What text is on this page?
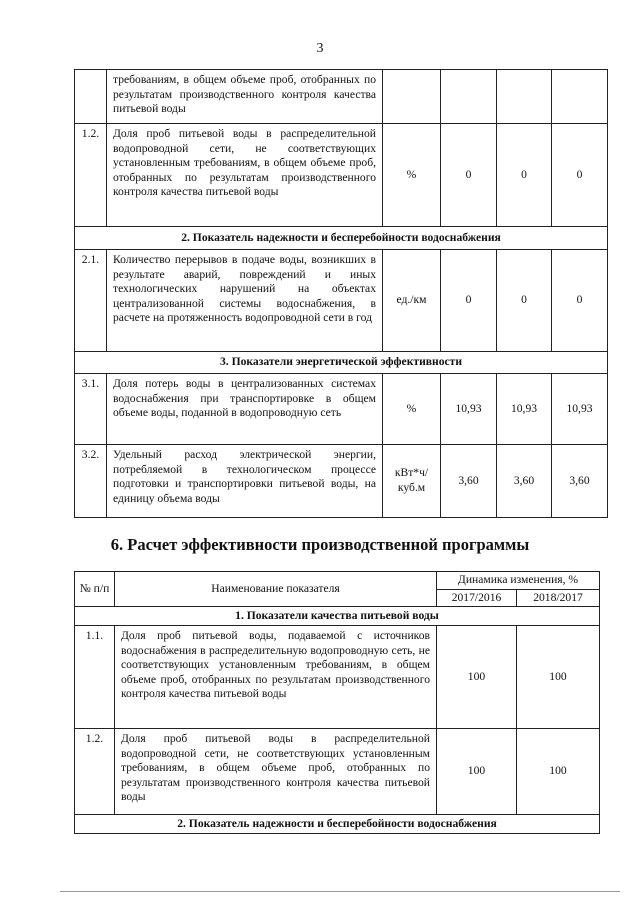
3
	требованиям, в общем объеме проб, отобранных по результатам производственного контроля качества питьевой воды				
1.2.	Доля проб питьевой воды в распределительной водопроводной сети, не соответствующих установленным требованиям, в общем объеме проб, отобранных по результатам производственного контроля качества питьевой воды	%	0	0	0
2. Показатель надежности и бесперебойности водоснабжения					
2.1.	Количество перерывов в подаче воды, возникших в результате аварий, повреждений и иных технологических нарушений на объектах централизованной системы водоснабжения, в расчете на протяженность водопроводной сети в год	ед./км	0	0	0
3. Показатели энергетической эффективности					
3.1.	Доля потерь воды в централизованных системах водоснабжения при транспортировке в общем объеме воды, поданной в водопроводную сеть	%	10,93	10,93	10,93
3.2.	Удельный расход электрической энергии, потребляемой в технологическом процессе подготовки и транспортировки питьевой воды, на единицу объема воды	кВт*ч/ куб.м	3,60	3,60	3,60
6. Расчет эффективности производственной программы
№ п/п	Наименование показателя	Динамика изменения, %	
		2017/2016	2018/2017
1. Показатели качества питьевой воды			
1.1.	Доля проб питьевой воды, подаваемой с источников водоснабжения в распределительную водопроводную сеть, не соответствующих установленным требованиям, в общем объеме проб, отобранных по результатам производственного контроля качества питьевой воды	100	100
1.2.	Доля проб питьевой воды в распределительной водопроводной сети, не соответствующих установленным требованиям, в общем объеме проб, отобранных по результатам производственного контроля качества питьевой воды	100	100
2. Показатель надежности и бесперебойности водоснабжения			
